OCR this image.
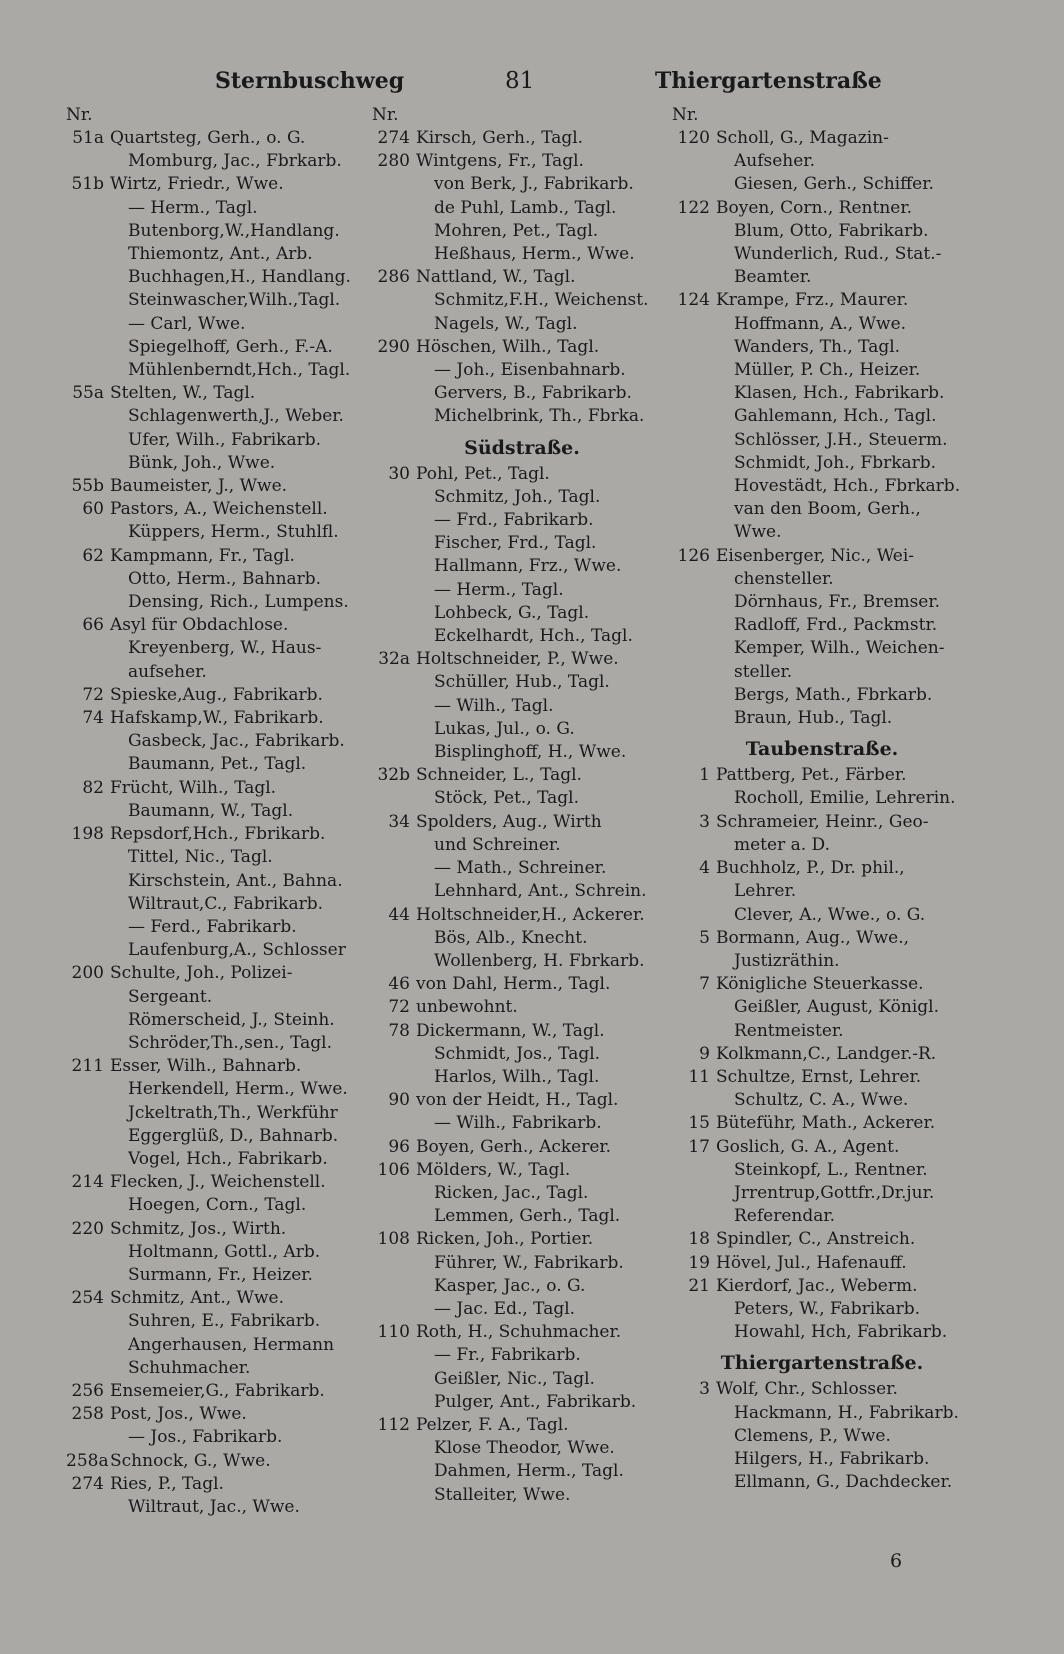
Sternbuschweg	81	Thiergartenstraße
Nr.
51a Quartsteg, Gerh., o. G.
Momburg, Jac., Fbrkarb.
51b Wirtz, Friedr., Wwe.
— Herm., Tagl.
Butenborg,W.,Handlang.
Thiemontz, Ant., Arb.
Buchhagen,H., Handlang.
Steinwascher,Wilh.,Tagl.
— Carl, Wwe.
Spiegelhoff, Gerh., F.-A.
Mühlenberndt,Hch., Tagl.
55a Stelten, W., Tagl.
Schlagenwerth,J., Weber.
Ufer, Wilh., Fabrikarb.
Bünk, Joh., Wwe.
55b Baumeister, J., Wwe.
60 Pastors, A., Weichenstell.
Küppers, Herm., Stuhlfl.
62 Kampmann, Fr., Tagl.
Otto, Herm., Bahnarb.
Densing, Rich., Lumpens.
66 Asyl für Obdachlose.
Kreyenberg, W., Haus-
aufseher.
72 Spieske,Aug., Fabrikarb.
74 Hafskamp,W., Fabrikarb.
Gasbeck, Jac., Fabrikarb.
Baumann, Pet., Tagl.
82 Frücht, Wilh., Tagl.
Baumann, W., Tagl.
198 Repsdorf,Hch., Fbrikarb.
Tittel, Nic., Tagl.
Kirschstein, Ant., Bahna.
Wiltraut,C., Fabrikarb.
— Ferd., Fabrikarb.
Laufenburg,A., Schlosser
200 Schulte, Joh., Polizei-
Sergeant.
Römerscheid, J., Steinh.
Schröder,Th.,sen., Tagl.
211 Esser, Wilh., Bahnarb.
Herkendell, Herm., Wwe.
Jckeltrath,Th., Werkführ
Eggerglüß, D., Bahnarb.
Vogel, Hch., Fabrikarb.
214 Flecken, J., Weichenstell.
Hoegen, Corn., Tagl.
220 Schmitz, Jos., Wirth.
Holtmann, Gottl., Arb.
Surmann, Fr., Heizer.
254 Schmitz, Ant., Wwe.
Suhren, E., Fabrikarb.
Angerhausen, Hermann
Schuhmacher.
256 Ensemeier,G., Fabrikarb.
258 Post, Jos., Wwe.
— Jos., Fabrikarb.
258a Schnock, G., Wwe.
274 Ries, P., Tagl.
Wiltraut, Jac., Wwe.
Nr.
274 Kirsch, Gerh., Tagl.
280 Wintgens, Fr., Tagl.
von Berk, J., Fabrikarb.
de Puhl, Lamb., Tagl.
Mohren, Pet., Tagl.
Heßhaus, Herm., Wwe.
286 Nattland, W., Tagl.
Schmitz,F.H., Weichenst.
Nagels, W., Tagl.
290 Höschen, Wilh., Tagl.
— Joh., Eisenbahnarb.
Gervers, B., Fabrikarb.
Michelbrink, Th., Fbrka.
Südstraße.
30 Pohl, Pet., Tagl.
Schmitz, Joh., Tagl.
— Frd., Fabrikarb.
Fischer, Frd., Tagl.
Hallmann, Frz., Wwe.
— Herm., Tagl.
Lohbeck, G., Tagl.
Eckelhardt, Hch., Tagl.
32a Holtschneider, P., Wwe.
Schüller, Hub., Tagl.
— Wilh., Tagl.
Lukas, Jul., o. G.
Bisplinghoff, H., Wwe.
32b Schneider, L., Tagl.
Stöck, Pet., Tagl.
34 Spolders, Aug., Wirth
und Schreiner.
— Math., Schreiner.
Lehnhard, Ant., Schrein.
44 Holtschneider,H., Ackerer.
Bös, Alb., Knecht.
Wollenberg, H. Fbrkarb.
46 von Dahl, Herm., Tagl.
72 unbewohnt.
78 Dickermann, W., Tagl.
Schmidt, Jos., Tagl.
Harlos, Wilh., Tagl.
90 von der Heidt, H., Tagl.
— Wilh., Fabrikarb.
96 Boyen, Gerh., Ackerer.
106 Mölders, W., Tagl.
Ricken, Jac., Tagl.
Lemmen, Gerh., Tagl.
108 Ricken, Joh., Portier.
Führer, W., Fabrikarb.
Kasper, Jac., o. G.
— Jac. Ed., Tagl.
110 Roth, H., Schuhmacher.
— Fr., Fabrikarb.
Geißler, Nic., Tagl.
Pulger, Ant., Fabrikarb.
112 Pelzer, F. A., Tagl.
Klose Theodor, Wwe.
Dahmen, Herm., Tagl.
Stalleiter, Wwe.
Nr.
120 Scholl, G., Magazin-
Aufseher.
Giesen, Gerh., Schiffer.
122 Boyen, Corn., Rentner.
Blum, Otto, Fabrikarb.
Wunderlich, Rud., Stat.-
Beamter.
124 Krampe, Frz., Maurer.
Hoffmann, A., Wwe.
Wanders, Th., Tagl.
Müller, P. Ch., Heizer.
Klasen, Hch., Fabrikarb.
Gahlemann, Hch., Tagl.
Schlösser, J.H., Steuerm.
Schmidt, Joh., Fbrkarb.
Hovestädt, Hch., Fbrkarb.
van den Boom, Gerh.,
Wwe.
126 Eisenberger, Nic., Wei-
chensteller.
Dörnhaus, Fr., Bremser.
Radloff, Frd., Packmstr.
Kemper, Wilh., Weichen-
steller.
Bergs, Math., Fbrkarb.
Braun, Hub., Tagl.
Taubenstraße.
1 Pattberg, Pet., Färber.
Rocholl, Emilie, Lehrerin.
3 Schrameier, Heinr., Geo-
meter a. D.
4 Buchholz, P., Dr. phil.,
Lehrer.
Clever, A., Wwe., o. G.
5 Bormann, Aug., Wwe.,
Justizräthin.
7 Königliche Steuerkasse.
Geißler, August, Königl.
Rentmeister.
9 Kolkmann,C., Landger.-R.
11 Schultze, Ernst, Lehrer.
Schultz, C. A., Wwe.
15 Büteführ, Math., Ackerer.
17 Goslich, G. A., Agent.
Steinkopf, L., Rentner.
Jrrentrup,Gottfr.,Dr.jur.
Referendar.
18 Spindler, C., Anstreich.
19 Hövel, Jul., Hafenauff.
21 Kierdorf, Jac., Weberm.
Peters, W., Fabrikarb.
Howahl, Hch, Fabrikarb.
Thiergartenstraße.
3 Wolf, Chr., Schlosser.
Hackmann, H., Fabrikarb.
Clemens, P., Wwe.
Hilgers, H., Fabrikarb.
Ellmann, G., Dachdecker.
6
